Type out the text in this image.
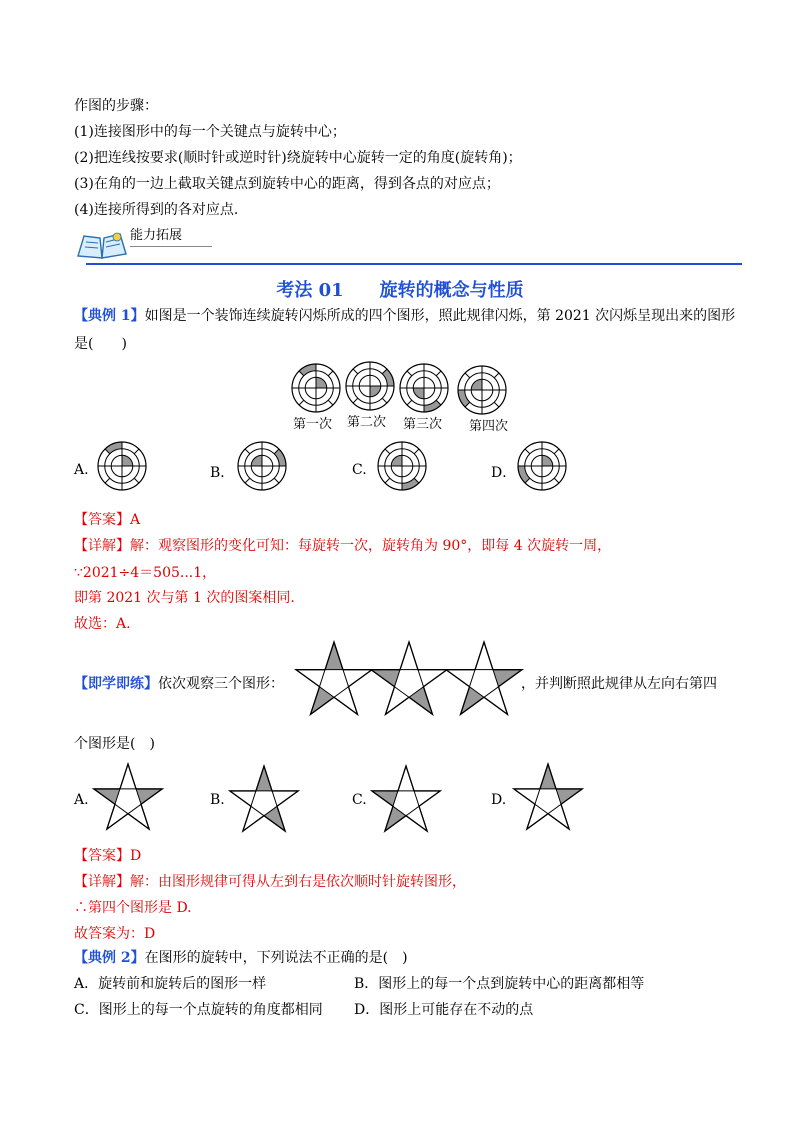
作图的步骤：
(1)连接图形中的每一个关键点与旋转中心；
(2)把连线按要求(顺时针或逆时针)绕旋转中心旋转一定的角度(旋转角)；
(3)在角的一边上截取关键点到旋转中心的距离，得到各点的对应点；
(4)连接所得到的各对应点.
能力拓展
考法 01　　旋转的概念与性质
【典例 1】如图是一个装饰连续旋转闪烁所成的四个图形，照此规律闪烁，第 2021 次闪烁呈现出来的图形
是(　　)
第一次 第二次 第三次 第四次
A.	B．	C.	D．
【答案】A
【详解】解：观察图形的变化可知：每旋转一次，旋转角为 90°，即每 4 次旋转一周，
∵2021÷4＝505...1，
即第 2021 次与第 1 次的图案相同.
故选：A.
【即学即练】依次观察三个图形：	，并判断照此规律从左向右第四
个图形是(　)
A.	B.	C.	D.
【答案】D
【详解】解：由图形规律可得从左到右是依次顺时针旋转图形，
∴第四个图形是 D.
故答案为：D
【典例 2】在图形的旋转中，下列说法不正确的是(　)
A．旋转前和旋转后的图形一样	B．图形上的每一个点到旋转中心的距离都相等
C．图形上的每一个点旋转的角度都相同 D．图形上可能存在不动的点
